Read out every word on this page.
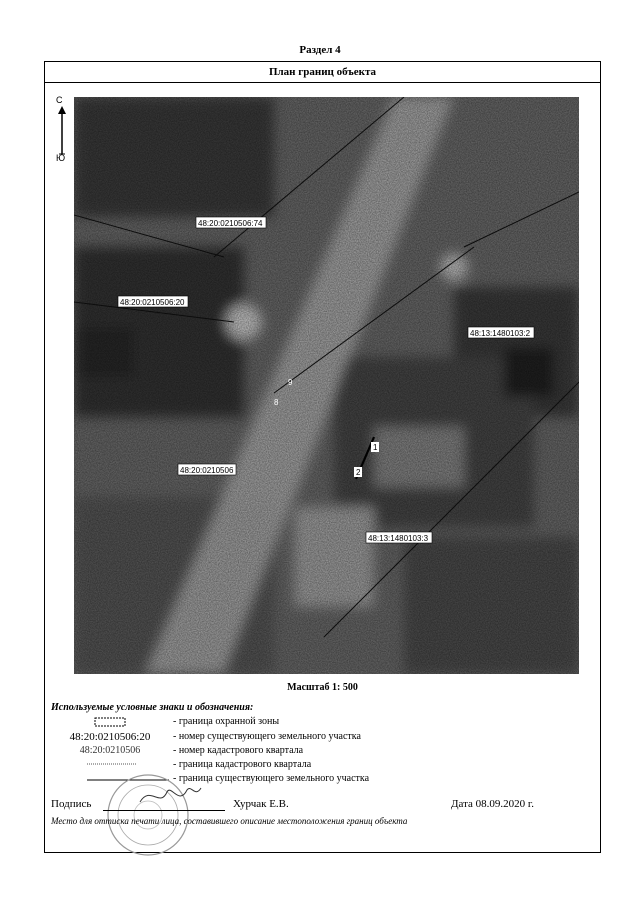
Раздел 4
План границ объекта
С
Ю
48:20:0210506:74
48:20:0210506:20
48:13:1480103:2
48:20:0210506
48:13:1480103:3
9
8
1
2
Масштаб 1: 500
Используемые условные знаки и обозначения:
- граница охранной зоны
48:20:0210506:20	- номер существующего земельного участка
48:20:0210506	- номер кадастрового квартала
- граница кадастрового квартала
- граница существующего земельного участка
Подпись	Хурчак Е.В.	Дата 08.09.2020 г.
Место для оттиска печати лица, составившего описание местоположения границ объекта
